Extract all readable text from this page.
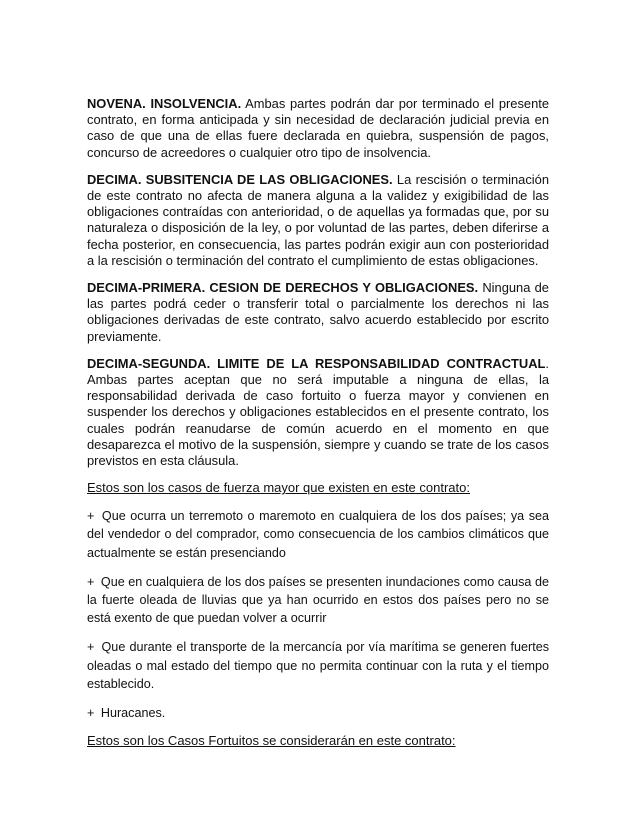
NOVENA. INSOLVENCIA. Ambas partes podrán dar por terminado el presente contrato, en forma anticipada y sin necesidad de declaración judicial previa en caso de que una de ellas fuere declarada en quiebra, suspensión de pagos, concurso de acreedores o cualquier otro tipo de insolvencia.

DECIMA. SUBSITENCIA DE LAS OBLIGACIONES. La rescisión o terminación de este contrato no afecta de manera alguna a la validez y exigibilidad de las obligaciones contraídas con anterioridad, o de aquellas ya formadas que, por su naturaleza o disposición de la ley, o por voluntad de las partes, deben diferirse a fecha posterior, en consecuencia, las partes podrán exigir aun con posterioridad a la rescisión o terminación del contrato el cumplimiento de estas obligaciones.

DECIMA-PRIMERA. CESION DE DERECHOS Y OBLIGACIONES. Ninguna de las partes podrá ceder o transferir total o parcialmente los derechos ni las obligaciones derivadas de este contrato, salvo acuerdo establecido por escrito previamente.

DECIMA-SEGUNDA. LIMITE DE LA RESPONSABILIDAD CONTRACTUAL. Ambas partes aceptan que no será imputable a ninguna de ellas, la responsabilidad derivada de caso fortuito o fuerza mayor y convienen en suspender los derechos y obligaciones establecidos en el presente contrato, los cuales podrán reanudarse de común acuerdo en el momento en que desaparezca el motivo de la suspensión, siempre y cuando se trate de los casos previstos en esta cláusula.

Estos son los casos de fuerza mayor que existen en este contrato:

+ Que ocurra un terremoto o maremoto en cualquiera de los dos países; ya sea del vendedor o del comprador, como consecuencia de los cambios climáticos que actualmente se están presenciando

+ Que en cualquiera de los dos países se presenten inundaciones como causa de la fuerte oleada de lluvias que ya han ocurrido en estos dos países pero no se está exento de que puedan volver a ocurrir

+ Que durante el transporte de la mercancía por vía marítima se generen fuertes oleadas o mal estado del tiempo que no permita continuar con la ruta y el tiempo establecido.

+ Huracanes.

Estos son los Casos Fortuitos se considerarán en este contrato:
